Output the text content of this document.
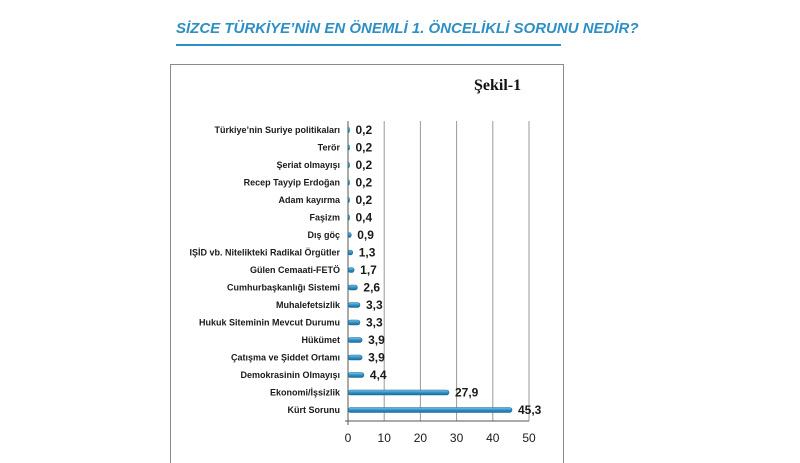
SİZCE TÜRKİYE’NİN EN ÖNEMLİ 1. ÖNCELİKLİ SORUNU NEDİR?
Şekil-1
0 10 20 30 40 50
Türkiye’nin Suriye politikaları 0,2
Terör 0,2
Şeriat olmayışı 0,2
Recep Tayyip Erdoğan 0,2
Adam kayırma 0,2
Faşizm 0,4
Dış göç 0,9
IŞİD vb. Nitelikteki Radikal Örgütler 1,3
Gülen Cemaati-FETÖ 1,7
Cumhurbaşkanlığı Sistemi 2,6
Muhalefetsizlik 3,3
Hukuk Siteminin Mevcut Durumu 3,3
Hükümet 3,9
Çatışma ve Şiddet Ortamı 3,9
Demokrasinin Olmayışı 4,4
Ekonomi/İşsizlik	27,9
Kürt Sorunu	45,3
